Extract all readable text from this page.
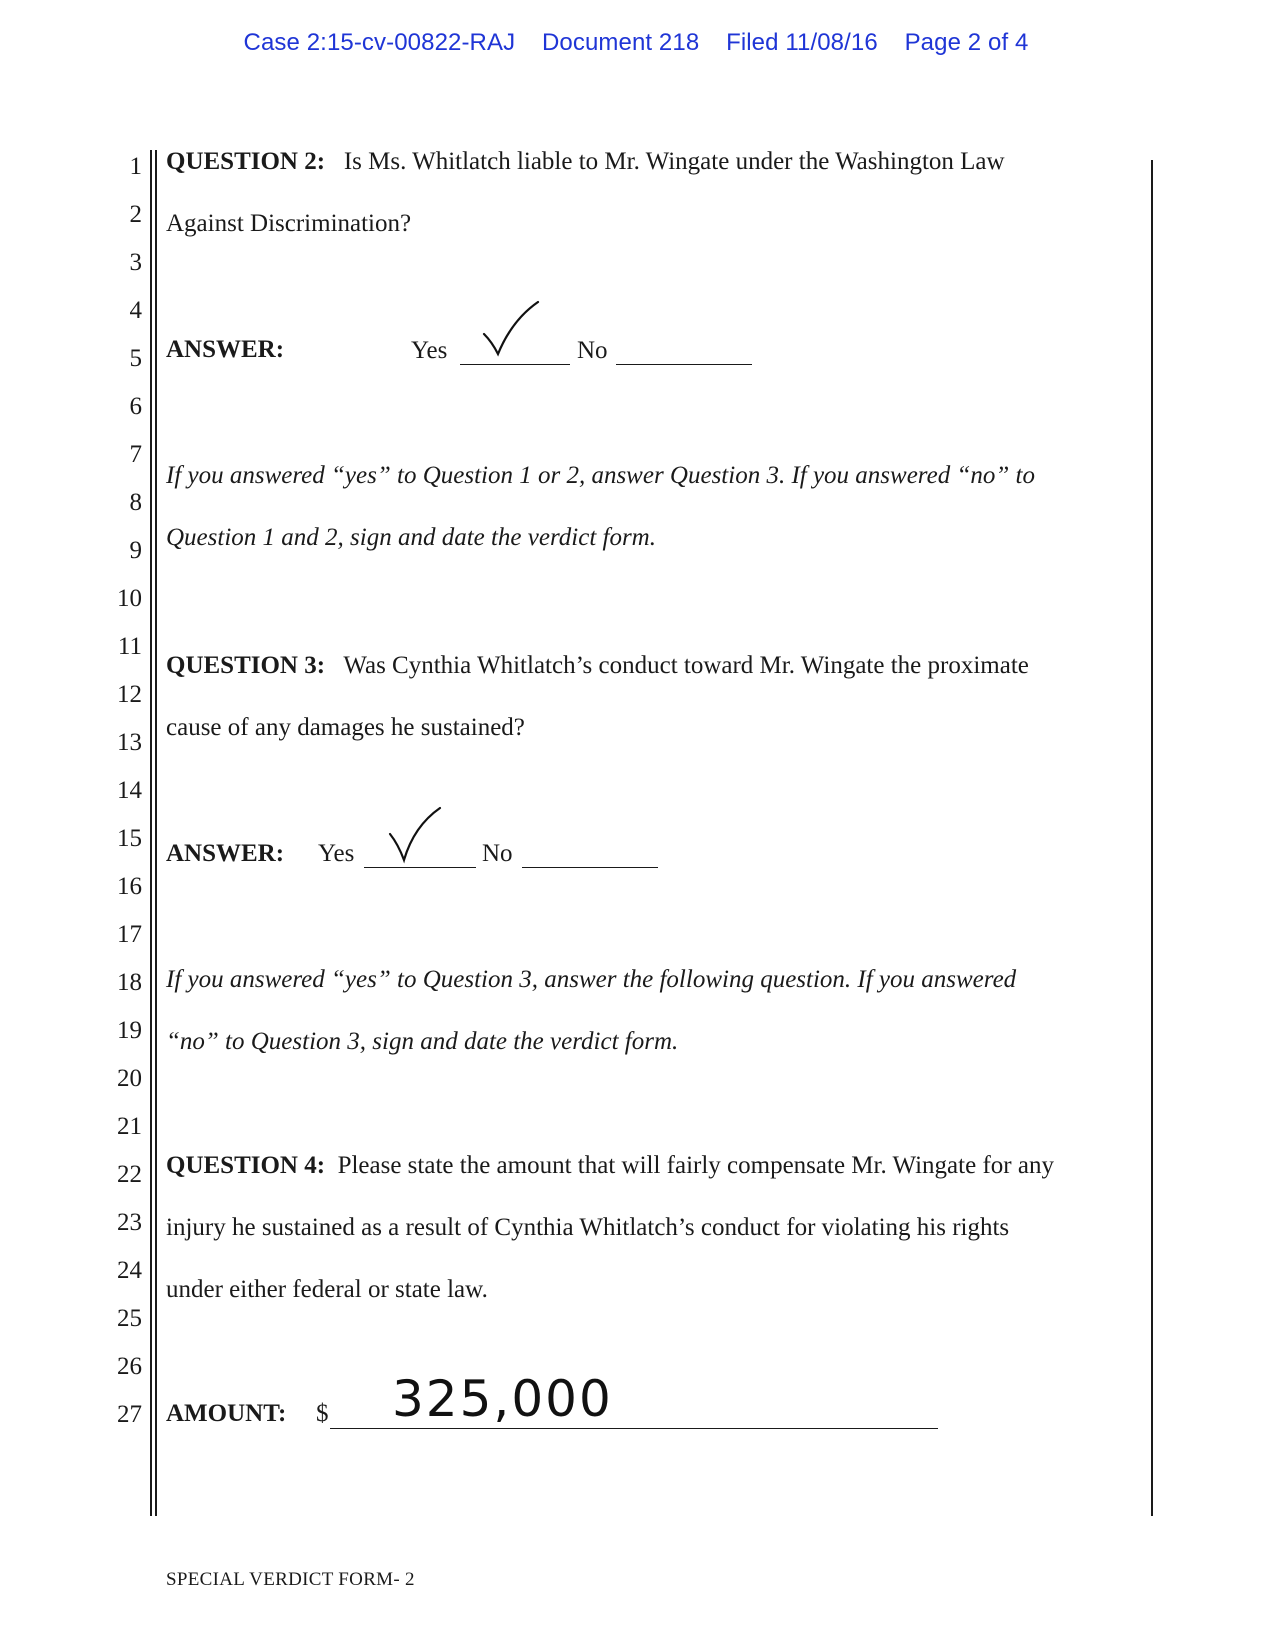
Case 2:15-cv-00822-RAJ Document 218 Filed 11/08/16 Page 2 of 4
1
2
3
4
5
6
7
8
9
10
11
12
13
14
15
16
17
18
19
20
21
22
23
24
25
26
27
QUESTION 2: Is Ms. Whitlatch liable to Mr. Wingate under the Washington Law
Against Discrimination?
ANSWER:	Yes	No
If you answered “yes” to Question 1 or 2, answer Question 3. If you answered “no” to
Question 1 and 2, sign and date the verdict form.
QUESTION 3: Was Cynthia Whitlatch’s conduct toward Mr. Wingate the proximate
cause of any damages he sustained?
ANSWER: Yes	No
If you answered “yes” to Question 3, answer the following question. If you answered
“no” to Question 3, sign and date the verdict form.
QUESTION 4: Please state the amount that will fairly compensate Mr. Wingate for any
injury he sustained as a result of Cynthia Whitlatch’s conduct for violating his rights
under either federal or state law.
AMOUNT: $ 325,000
SPECIAL VERDICT FORM- 2
